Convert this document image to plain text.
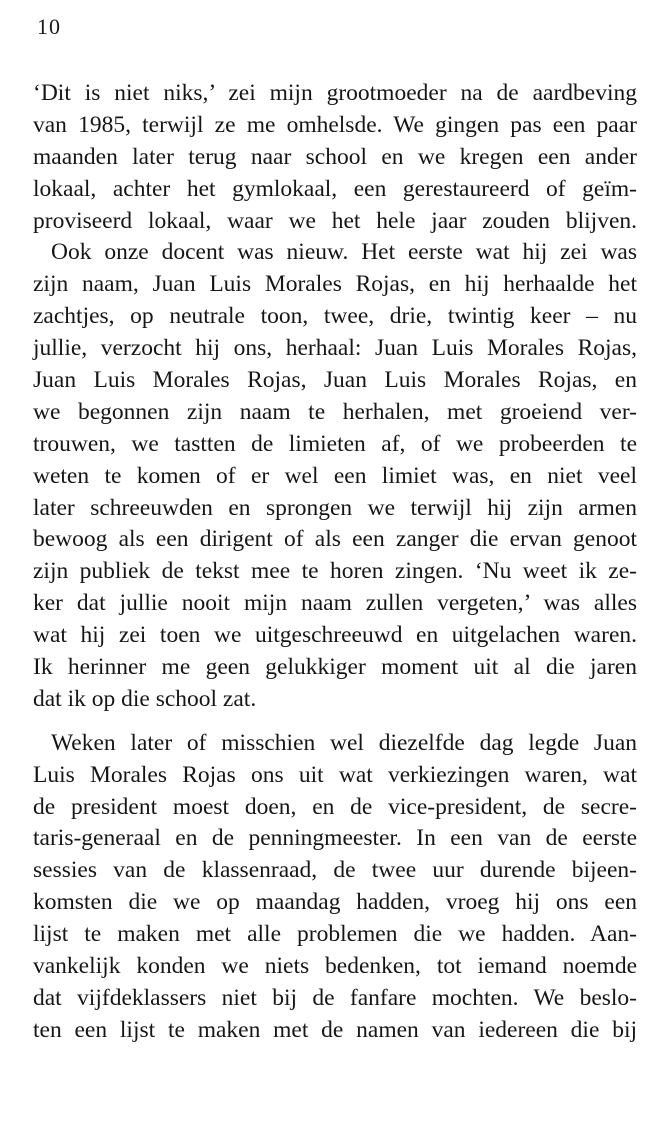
10
‘Dit is niet niks,’ zei mijn grootmoeder na de aardbeving
van 1985, terwijl ze me omhelsde. We gingen pas een paar
maanden later terug naar school en we kregen een ander
lokaal, achter het gymlokaal, een gerestaureerd of geïm-
proviseerd lokaal, waar we het hele jaar zouden blijven.
Ook onze docent was nieuw. Het eerste wat hij zei was
zijn naam, Juan Luis Morales Rojas, en hij herhaalde het
zachtjes, op neutrale toon, twee, drie, twintig keer – nu
jullie, verzocht hij ons, herhaal: Juan Luis Morales Rojas,
Juan Luis Morales Rojas, Juan Luis Morales Rojas, en
we begonnen zijn naam te herhalen, met groeiend ver-
trouwen, we tastten de limieten af, of we probeerden te
weten te komen of er wel een limiet was, en niet veel
later schreeuwden en sprongen we terwijl hij zijn armen
bewoog als een dirigent of als een zanger die ervan genoot
zijn publiek de tekst mee te horen zingen. ‘Nu weet ik ze-
ker dat jullie nooit mijn naam zullen vergeten,’ was alles
wat hij zei toen we uitgeschreeuwd en uitgelachen waren.
Ik herinner me geen gelukkiger moment uit al die jaren
dat ik op die school zat.
Weken later of misschien wel diezelfde dag legde Juan
Luis Morales Rojas ons uit wat verkiezingen waren, wat
de president moest doen, en de vice-president, de secre-
taris-generaal en de penningmeester. In een van de eerste
sessies van de klassenraad, de twee uur durende bijeen-
komsten die we op maandag hadden, vroeg hij ons een
lijst te maken met alle problemen die we hadden. Aan-
vankelijk konden we niets bedenken, tot iemand noemde
dat vijfdeklassers niet bij de fanfare mochten. We beslo-
ten een lijst te maken met de namen van iedereen die bij
